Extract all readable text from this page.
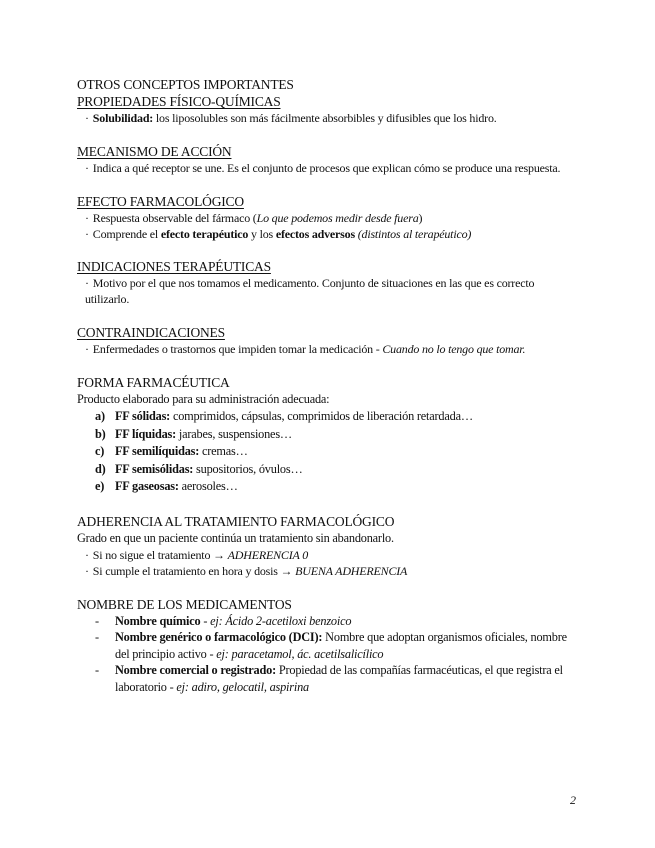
OTROS CONCEPTOS IMPORTANTES
PROPIEDADES FÍSICO-QUÍMICAS
· Solubilidad: los liposolubles son más fácilmente absorbibles y difusibles que los hidro.
MECANISMO DE ACCIÓN
· Indica a qué receptor se une. Es el conjunto de procesos que explican cómo se produce una respuesta.
EFECTO FARMACOLÓGICO
· Respuesta observable del fármaco (Lo que podemos medir desde fuera)
· Comprende el efecto terapéutico y los efectos adversos (distintos al terapéutico)
INDICACIONES TERAPÉUTICAS
· Motivo por el que nos tomamos el medicamento. Conjunto de situaciones en las que es correcto utilizarlo.
CONTRAINDICACIONES
· Enfermedades o trastornos que impiden tomar la medicación - Cuando no lo tengo que tomar.
FORMA FARMACÉUTICA
Producto elaborado para su administración adecuada:
a) FF sólidas: comprimidos, cápsulas, comprimidos de liberación retardada…
b) FF líquidas: jarabes, suspensiones…
c) FF semilíquidas: cremas…
d) FF semisólidas: supositorios, óvulos…
e) FF gaseosas: aerosoles…
ADHERENCIA AL TRATAMIENTO FARMACOLÓGICO
Grado en que un paciente continúa un tratamiento sin abandonarlo.
· Si no sigue el tratamiento → ADHERENCIA 0
· Si cumple el tratamiento en hora y dosis → BUENA ADHERENCIA
NOMBRE DE LOS MEDICAMENTOS
-	Nombre químico - ej: Ácido 2-acetiloxi benzoico
-	Nombre genérico o farmacológico (DCI): Nombre que adoptan organismos oficiales, nombre del principio activo - ej: paracetamol, ác. acetilsalicílico
-	Nombre comercial o registrado: Propiedad de las compañías farmacéuticas, el que registra el laboratorio - ej: adiro, gelocatil, aspirina
2
